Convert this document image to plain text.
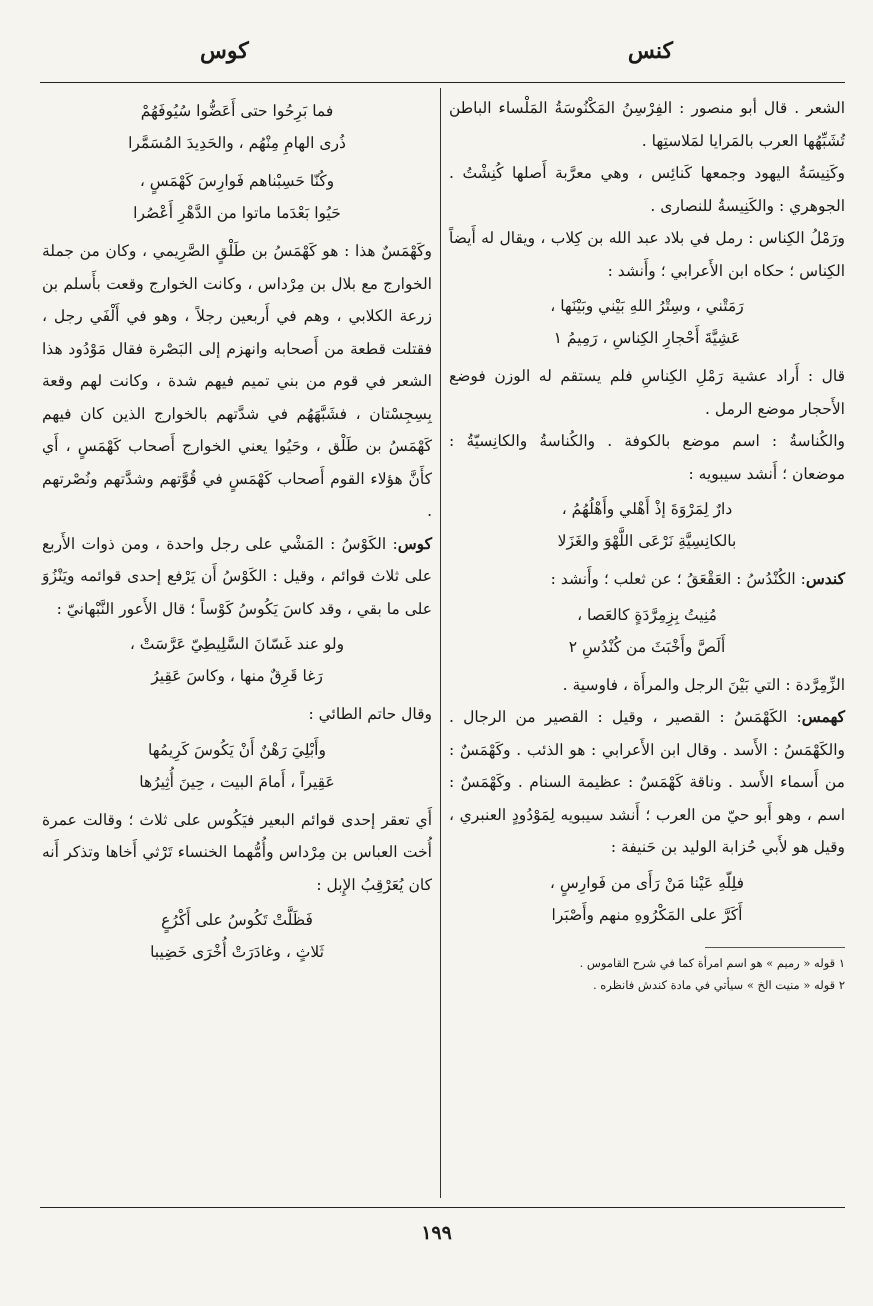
كنس
كوس

الشعر . قال أبو منصور : الفِرْسِنُ المَكْنُوسَةُ المَلْساء الباطن تُشَبِّهُها العرب بالمَرايا لمَلاستِها .

وكَنِيسَةُ اليهود وجمعها كَنائِس ، وهي معرَّبة أَصلها كُنِشْتُ . الجوهري : والكَنِيسةُ للنصارى .

ورَمْلُ الكِناس : رمل في بلاد عبد الله بن كِلاب ، ويقال له أَيضاً الكِناس ؛ حكاه ابن الأَعرابي ؛ وأَنشد :

رَمَتْني ، وسِتْرُ اللهِ بَيْني وبَيْنَها ،
عَشِيَّةَ أَحْجارِ الكِناسِ ، رَمِيمُ ١

قال : أَراد عشية رَمْلِ الكِناسِ فلم يستقم له الوزن فوضع الأَحجار موضع الرمل .

والكُناسةُ : اسم موضع بالكوفة . والكُناسةُ والكانِسيّةُ : موضعان ؛ أَنشد سيبويه :

دارٌ لِمَرْوَةَ إذْ أَهْلي وأَهْلُهُمُ ،
بالكانِسِيَّةِ نَرْعَى اللَّهْوَ والغَزَلا

كندس: الكُنْدُسُ : العَقْعَقُ ؛ عن ثعلب ؛ وأَنشد :

مُنِيتُ بِزِمِرَّدَةٍ كالعَصا ،
أَلَصَّ وأَخْبَثَ من كُنْدُسِ ٢

الزِّمِرَّدة : التي بَيْنَ الرجل والمرأَة ، فاوسية .

كهمس: الكَهْمَسُ : القصير ، وقيل : القصير من الرجال . والكَهْمَسُ : الأَسد . وقال ابن الأَعرابي : هو الذئب . وكَهْمَسٌ : من أَسماء الأَسد . وناقة كَهْمَسٌ : عظيمة السنام . وكَهْمَسٌ : اسم ، وهو أَبو حيّ من العرب ؛ أَنشد سيبويه لِمَوْدُودٍ العنبري ، وقيل هو لأَبي حُزابة الوليد بن حَنيفة :

فلِلّهِ عَيْنا مَنْ رَأَى من فَوارِسٍ ،
أَكَرَّ على المَكْرُوهِ منهم وأَصْبَرا
١ قوله « رميم » هو اسم امرأة كما في شرح القاموس .
٢ قوله « منيت الخ » سيأتي في مادة كندش فانظره .
فما بَرِحُوا حتى أَعَضُّوا سُيُوفَهُمْ
ذُرى الهامِ مِنْهُم ، والحَدِيدَ المُسَمَّرا
وكُنّا حَسِبْناهم فَوارِسَ كَهْمَسٍ ،
حَيُوا بَعْدَما ماتوا من الدَّهْرِ أَعْصُرا

وكَهْمَسٌ هذا : هو كَهْمَسُ بن طَلْقٍ الصَّرِيمي ، وكان من جملة الخوارج مع بلال بن مِرْداس ، وكانت الخوارج وقعت بأَسلم بن زرعة الكلابي ، وهم في أَربعين رجلاً ، وهو في أَلْفَي رجل ، فقتلت قطعة من أَصحابه وانهزم إلى البَصْرة فقال مَوْدُود هذا الشعر في قوم من بني تميم فيهم شدة ، وكانت لهم وقعة بِسِجِسْتان ، فشَبَّهَهُم في شدَّتهم بالخوارج الذين كان فيهم كَهْمَسُ بن طَلْق ، وحَيُوا يعني الخوارج أَصحاب كَهْمَسٍ ، أَي كأَنَّ هؤلاء القوم أَصحاب كَهْمَسٍ في قُوَّتهم وشدَّتهم ونُصْرتهم .

كوس: الكَوْسُ : المَشْي على رجل واحدة ، ومن ذوات الأَربع على ثلاث قوائم ، وقيل : الكَوْسُ أَن يَرْفع إحدى قوائمه ويَنْزُوَ على ما بقي ، وقد كاسَ يَكُوسُ كَوْساً ؛ قال الأَعور النَّبْهانيّ :

ولو عند غَسّانَ السَّلِيطِيّ عَرَّسَتْ ،
رَغا قَرِقٌ منها ، وكاسَ عَقِيرُ

وقال حاتم الطائي :

وأَبْلِيَ رَهْنٌ أَنْ يَكُوسَ كَرِيمُها
عَقِيراً ، أَمامَ البيت ، حِينَ أُثِيرُها

أَي تعقر إحدى قوائم البعير فيَكُوس على ثلاث ؛ وقالت عمرة أُخت العباس بن مِرْداس وأُمُّهما الخنساء تَرْثي أَخاها وتذكر أَنه كان يُعَرْقِبُ الإِبل :

فَظَلَّتْ تَكُوسُ على أَكْرُعٍ
ثَلاثٍ ، وغادَرَتْ أُخْرَى خَضِيبا
١٩٩
